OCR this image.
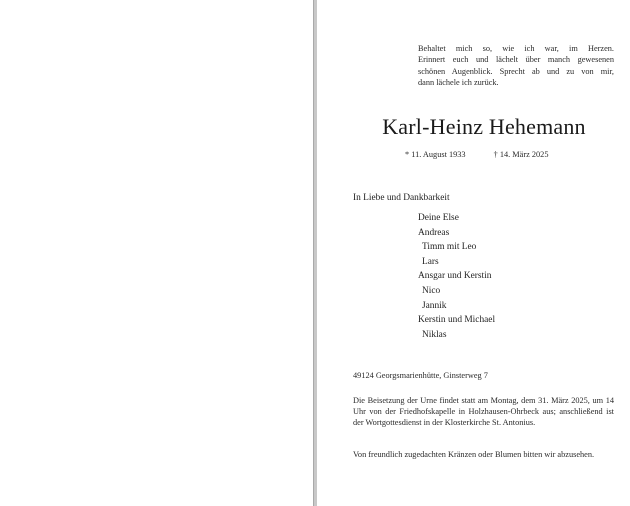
Behaltet mich so, wie ich war, im Herzen.
Erinnert euch und lächelt über manch gewesenen
schönen Augenblick. Sprecht ab und zu von mir,
dann lächele ich zurück.
Karl-Heinz Hehemann
* 11. August 1933	† 14. März 2025
In Liebe und Dankbarkeit
Deine Else
Andreas
Timm mit Leo
Lars
Ansgar und Kerstin
Nico
Jannik
Kerstin und Michael
Niklas
49124 Georgsmarienhütte, Ginsterweg 7
Die Beisetzung der Urne findet statt am Montag, dem 31. März 2025, um 14 Uhr von der Friedhofskapelle in Holzhausen-Ohrbeck aus; anschließend ist der Wortgottesdienst in der Klosterkirche St. Antonius.
Von freundlich zugedachten Kränzen oder Blumen bitten wir abzusehen.
